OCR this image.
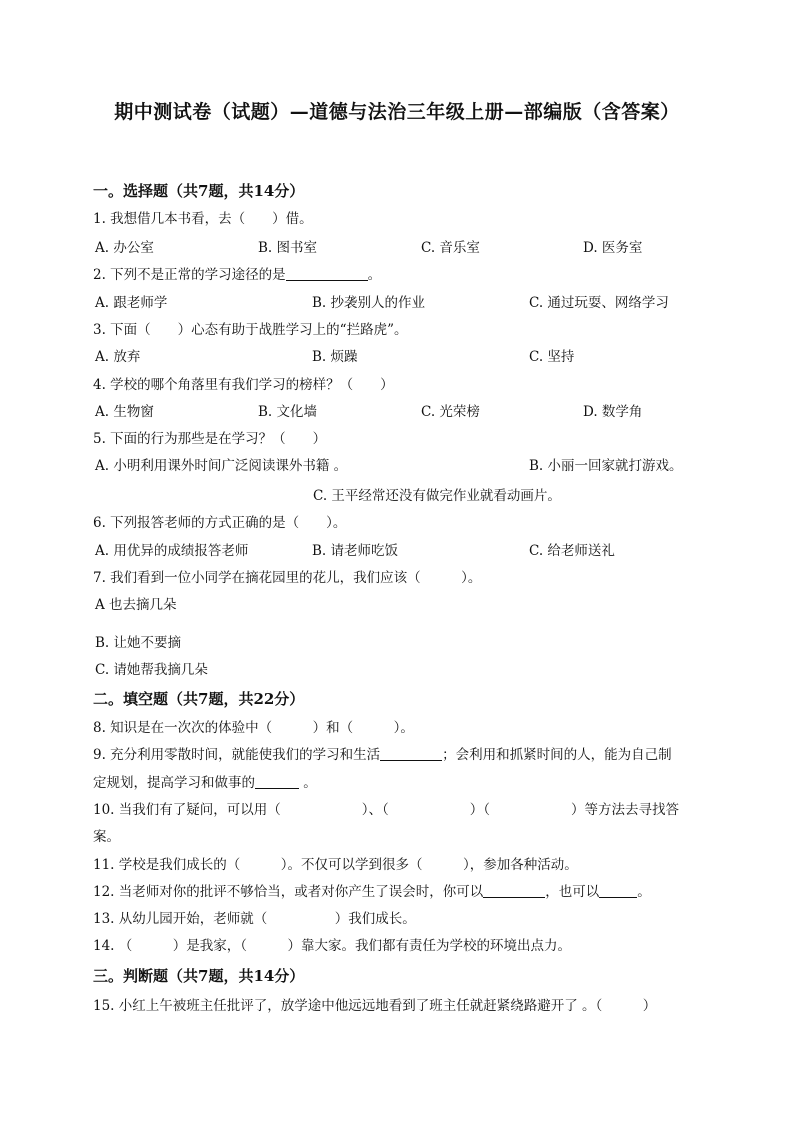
期中测试卷（试题）—道德与法治三年级上册—部编版（含答案）
一。选择题（共7题，共14分）
1. 我想借几本书看，去（　　）借。
A. 办公室	B. 图书室	C. 音乐室	D. 医务室
2. 下列不是正常的学习途径的是	。
A. 跟老师学	B. 抄袭别人的作业	C. 通过玩耍、网络学习
3. 下面（　　）心态有助于战胜学习上的“拦路虎”。
A. 放弃	B. 烦躁	C. 坚持
4. 学校的哪个角落里有我们学习的榜样？（　　）
A. 生物窗	B. 文化墙	C. 光荣榜	D. 数学角
5. 下面的行为那些是在学习？（　　）
A. 小明利用课外时间广泛阅读课外书籍 。	B. 小丽一回家就打游戏。
C. 王平经常还没有做完作业就看动画片。
6. 下列报答老师的方式正确的是（　　）。
A. 用优异的成绩报答老师	B. 请老师吃饭	C. 给老师送礼
7. 我们看到一位小同学在摘花园里的花儿，我们应该（　　　）。
A 也去摘几朵
B. 让她不要摘
C. 请她帮我摘几朵
二。填空题（共7题，共22分）
8. 知识是在一次次的体验中（　　　）和（　　　）。
9. 充分利用零散时间，就能使我们的学习和生活	；会利用和抓紧时间的人，能为自己制
定规划，提高学习和做事的	。
10. 当我们有了疑问，可以用（　　　　　　）、（　　　　　　）（　　　　　　）等方法去寻找答
案。
11. 学校是我们成长的（　　　）。不仅可以学到很多（　　　），参加各种活动。
12. 当老师对你的批评不够恰当，或者对你产生了误会时，你可以	，也可以	。
13. 从幼儿园开始，老师就（　　　　　）我们成长。
14. （　　　）是我家，（　　　）靠大家。我们都有责任为学校的环境出点力。
三。判断题（共7题，共14分）
15. 小红上午被班主任批评了，放学途中他远远地看到了班主任就赶紧绕路避开了 。（　　　）
